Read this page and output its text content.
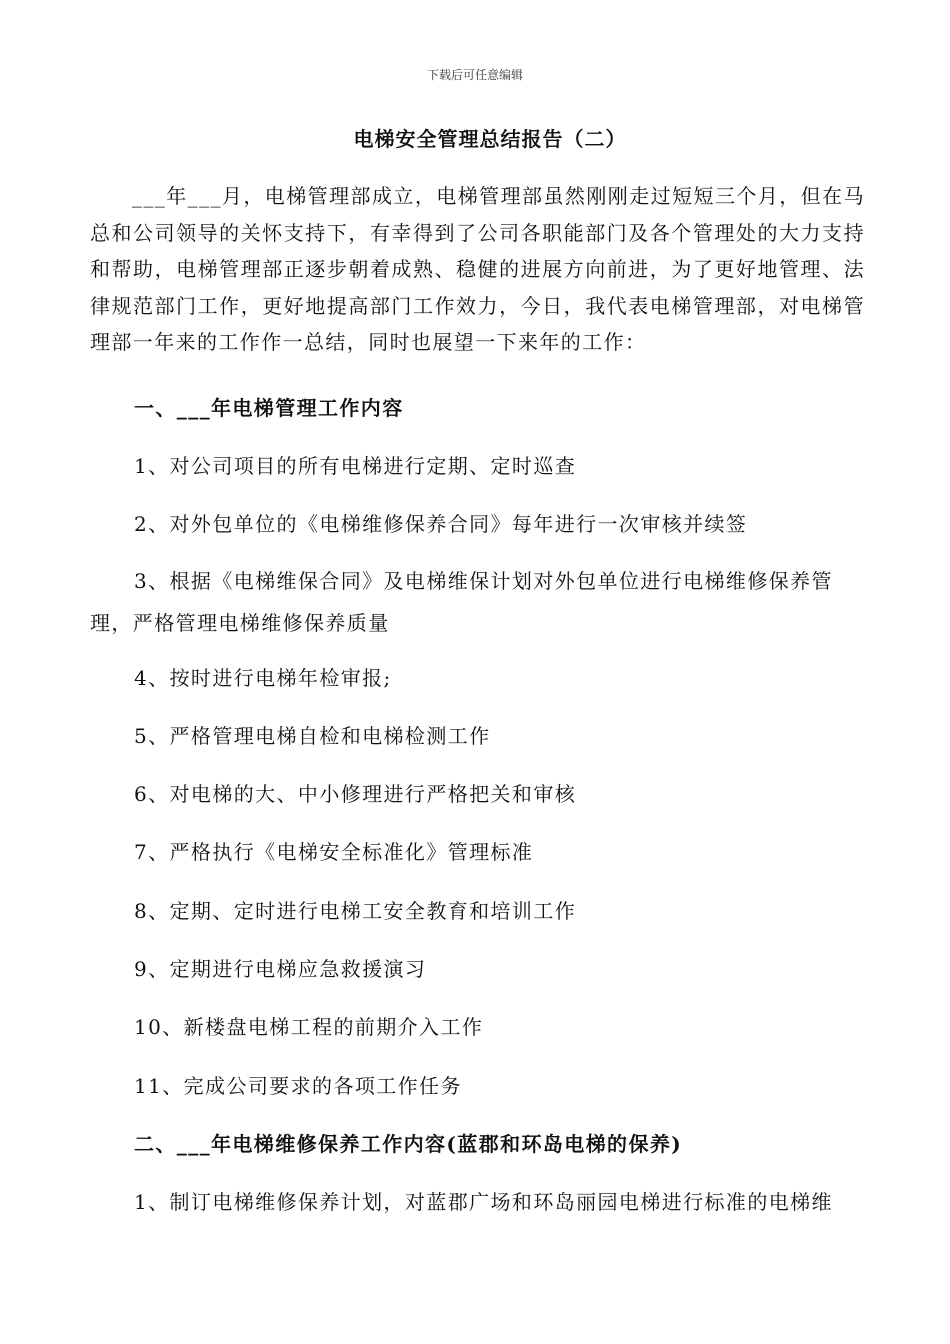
下载后可任意编辑
电梯安全管理总结报告（二）
___年___月，电梯管理部成立，电梯管理部虽然刚刚走过短短三个月，但在马总和公司领导的关怀支持下，有幸得到了公司各职能部门及各个管理处的大力支持和帮助，电梯管理部正逐步朝着成熟、稳健的进展方向前进，为了更好地管理、法律规范部门工作，更好地提高部门工作效力，今日，我代表电梯管理部，对电梯管理部一年来的工作作一总结，同时也展望一下来年的工作：
一、___年电梯管理工作内容
1、对公司项目的所有电梯进行定期、定时巡查
2、对外包单位的《电梯维修保养合同》每年进行一次审核并续签
3、根据《电梯维保合同》及电梯维保计划对外包单位进行电梯维修保养管理，严格管理电梯维修保养质量
4、按时进行电梯年检审报;
5、严格管理电梯自检和电梯检测工作
6、对电梯的大、中小修理进行严格把关和审核
7、严格执行《电梯安全标准化》管理标准
8、定期、定时进行电梯工安全教育和培训工作
9、定期进行电梯应急救援演习
10、新楼盘电梯工程的前期介入工作
11、完成公司要求的各项工作任务
二、___年电梯维修保养工作内容(蓝郡和环岛电梯的保养)
1、制订电梯维修保养计划，对蓝郡广场和环岛丽园电梯进行标准的电梯维
